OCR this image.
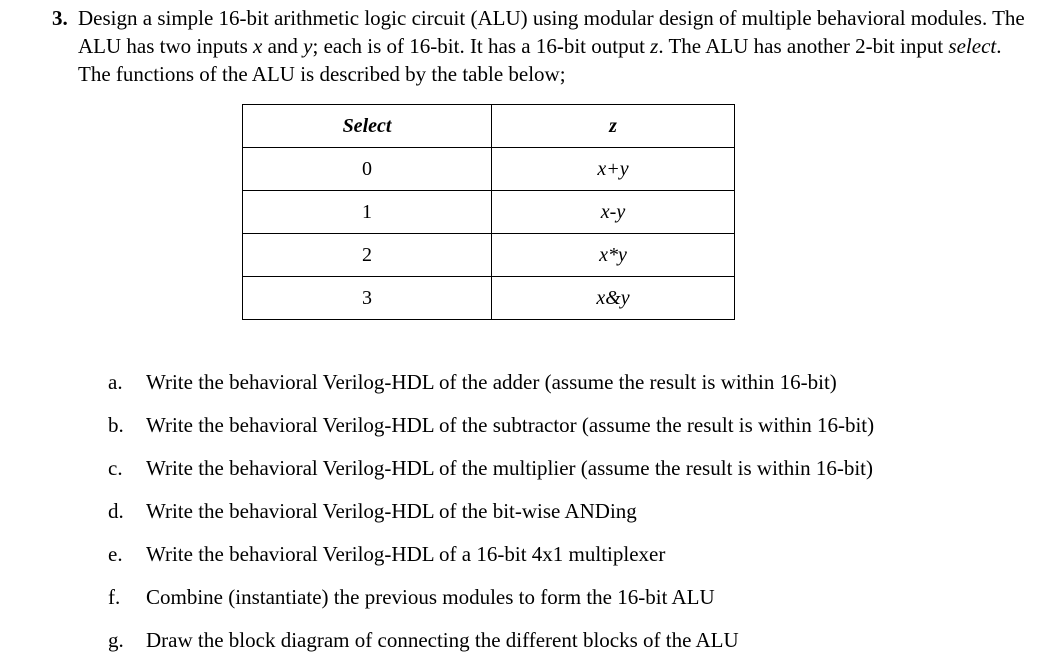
3. Design a simple 16-bit arithmetic logic circuit (ALU) using modular design of multiple behavioral modules. The ALU has two inputs x and y; each is of 16-bit. It has a 16-bit output z. The ALU has another 2-bit input select. The functions of the ALU is described by the table below;
Select	z
0	x+y
1	x-y
2	x*y
3	x&y
a. Write the behavioral Verilog-HDL of the adder (assume the result is within 16-bit)
b. Write the behavioral Verilog-HDL of the subtractor (assume the result is within 16-bit)
c. Write the behavioral Verilog-HDL of the multiplier (assume the result is within 16-bit)
d. Write the behavioral Verilog-HDL of the bit-wise ANDing
e. Write the behavioral Verilog-HDL of a 16-bit 4x1 multiplexer
f. Combine (instantiate) the previous modules to form the 16-bit ALU
g. Draw the block diagram of connecting the different blocks of the ALU
